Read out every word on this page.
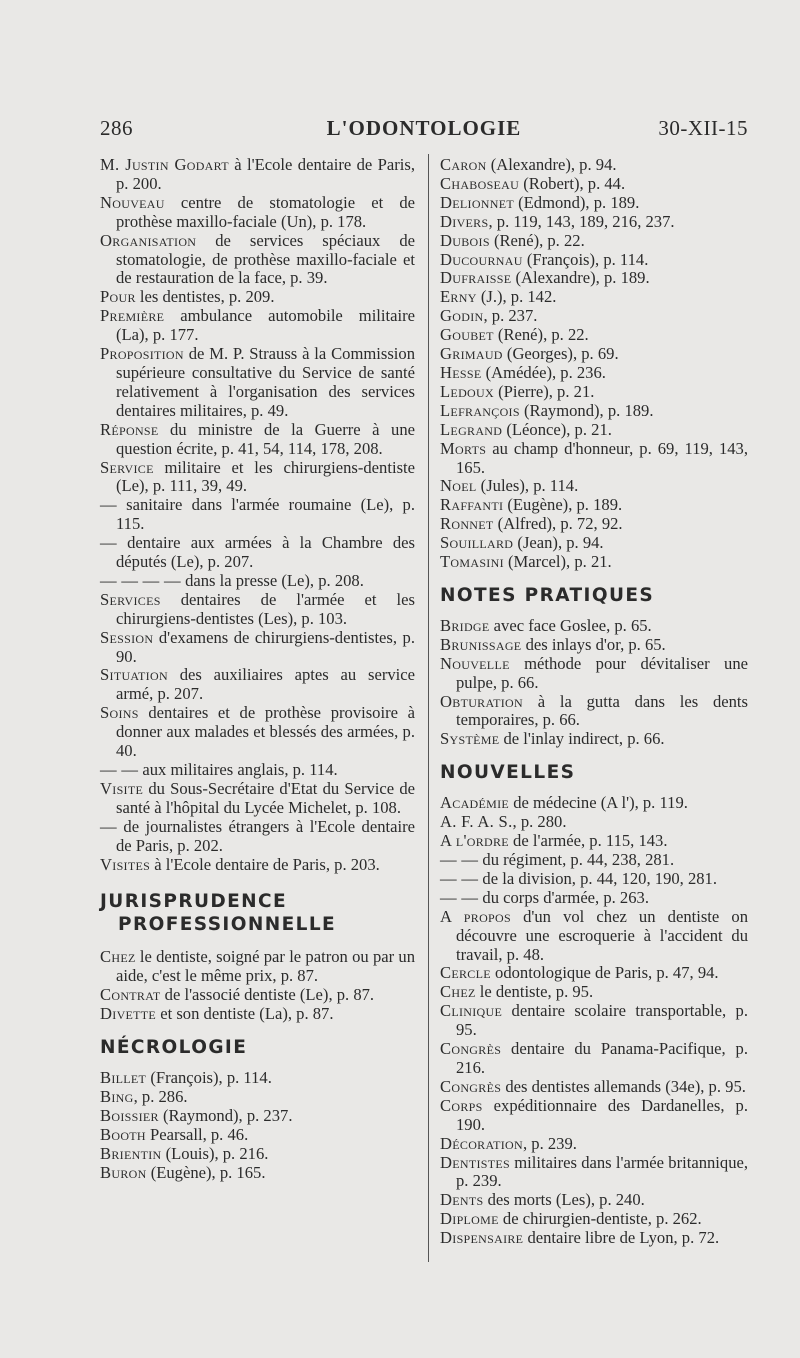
286	L'ODONTOLOGIE	30-XII-15

M. Justin Godart à l'Ecole dentaire de Paris, p. 200.

Nouveau centre de stomatologie et de prothèse maxillo-faciale (Un), p. 178.

Organisation de services spéciaux de stomatologie, de prothèse maxillo-faciale et de restauration de la face, p. 39.

Pour les dentistes, p. 209.

Première ambulance automobile militaire (La), p. 177.

Proposition de M. P. Strauss à la Commission supérieure consultative du Service de santé relativement à l'organisation des services dentaires militaires, p. 49.

Réponse du ministre de la Guerre à une question écrite, p. 41, 54, 114, 178, 208.

Service militaire et les chirurgiens-dentiste (Le), p. 111, 39, 49.

— sanitaire dans l'armée roumaine (Le), p. 115.

— dentaire aux armées à la Chambre des députés (Le), p. 207.

— — — — dans la presse (Le), p. 208.

Services dentaires de l'armée et les chirurgiens-dentistes (Les), p. 103.

Session d'examens de chirurgiens-dentistes, p. 90.

Situation des auxiliaires aptes au service armé, p. 207.

Soins dentaires et de prothèse provisoire à donner aux malades et blessés des armées, p. 40.

— — aux militaires anglais, p. 114.

Visite du Sous-Secrétaire d'Etat du Service de santé à l'hôpital du Lycée Michelet, p. 108.

— de journalistes étrangers à l'Ecole dentaire de Paris, p. 202.

Visites à l'Ecole dentaire de Paris, p. 203.

JURISPRUDENCE PROFESSIONNELLE

Chez le dentiste, soigné par le patron ou par un aide, c'est le même prix, p. 87.

Contrat de l'associé dentiste (Le), p. 87.

Divette et son dentiste (La), p. 87.

NÉCROLOGIE

Billet (François), p. 114.

Bing, p. 286.

Boissier (Raymond), p. 237.

Booth Pearsall, p. 46.

Brientin (Louis), p. 216.

Buron (Eugène), p. 165.

Caron (Alexandre), p. 94.

Chaboseau (Robert), p. 44.

Delionnet (Edmond), p. 189.

Divers, p. 119, 143, 189, 216, 237.

Dubois (René), p. 22.

Ducournau (François), p. 114.

Dufraisse (Alexandre), p. 189.

Erny (J.), p. 142.

Godin, p. 237.

Goubet (René), p. 22.

Grimaud (Georges), p. 69.

Hesse (Amédée), p. 236.

Ledoux (Pierre), p. 21.

Lefrançois (Raymond), p. 189.

Legrand (Léonce), p. 21.

Morts au champ d'honneur, p. 69, 119, 143, 165.

Noel (Jules), p. 114.

Raffanti (Eugène), p. 189.

Ronnet (Alfred), p. 72, 92.

Souillard (Jean), p. 94.

Tomasini (Marcel), p. 21.

NOTES PRATIQUES

Bridge avec face Goslee, p. 65.

Brunissage des inlays d'or, p. 65.

Nouvelle méthode pour dévitaliser une pulpe, p. 66.

Obturation à la gutta dans les dents temporaires, p. 66.

Système de l'inlay indirect, p. 66.

NOUVELLES

Académie de médecine (A l'), p. 119.

A. F. A. S., p. 280.

A l'ordre de l'armée, p. 115, 143.

— — du régiment, p. 44, 238, 281.

— — de la division, p. 44, 120, 190, 281.

— — du corps d'armée, p. 263.

A propos d'un vol chez un dentiste on découvre une escroquerie à l'accident du travail, p. 48.

Cercle odontologique de Paris, p. 47, 94.

Chez le dentiste, p. 95.

Clinique dentaire scolaire transportable, p. 95.

Congrès dentaire du Panama-Pacifique, p. 216.

Congrès des dentistes allemands (34e), p. 95.

Corps expéditionnaire des Dardanelles, p. 190.

Décoration, p. 239.

Dentistes militaires dans l'armée britannique, p. 239.

Dents des morts (Les), p. 240.

Diplome de chirurgien-dentiste, p. 262.

Dispensaire dentaire libre de Lyon, p. 72.
